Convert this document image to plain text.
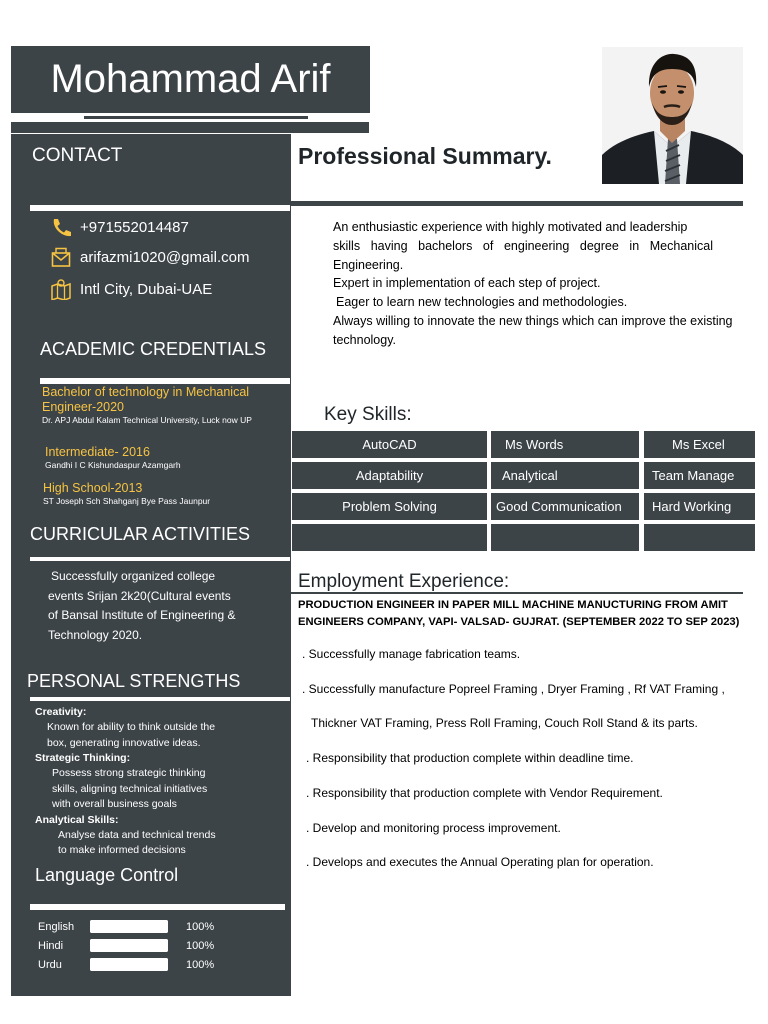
Mohammad Arif
CONTACT
+971552014487
arifazmi1020@gmail.com
Intl City, Dubai-UAE
ACADEMIC CREDENTIALS
Bachelor of technology in Mechanical
Engineer-2020
Dr. APJ Abdul Kalam Technical University, Luck now UP
Intermediate- 2016
Gandhi I C Kishundaspur Azamgarh
High School-2013
ST Joseph Sch Shahganj Bye Pass Jaunpur
CURRICULAR ACTIVITIES
Successfully organized college
events Srijan 2k20(Cultural events
of Bansal Institute of Engineering &
Technology 2020.
PERSONAL STRENGTHS
Creativity:
Known for ability to think outside the
box, generating innovative ideas.
Strategic Thinking:
Possess strong strategic thinking
skills, aligning technical initiatives
with overall business goals
Analytical Skills:
Analyse data and technical trends
to make informed decisions
Language Control
English	100%
Hindi	100%
Urdu	100%
Professional Summary.

An enthusiastic experience with highly motivated and leadership

skills having bachelors of engineering degree in Mechanical

Engineering.

Expert in implementation of each step of project.

Eager to learn new technologies and methodologies.

Always willing to innovate the new things which can improve the existing

technology.

Key Skills:
AutoCAD	Ms Words	Ms Excel
Adaptability	Analytical	Team Manage
Problem Solving	Good Communication	Hard Working
Employment Experience:
PRODUCTION ENGINEER IN PAPER MILL MACHINE MANUCTURING FROM AMIT
ENGINEERS COMPANY, VAPI- VALSAD- GUJRAT. (SEPTEMBER 2022 TO SEP 2023)
. Successfully manage fabrication teams.
. Successfully manufacture Popreel Framing , Dryer Framing , Rf VAT Framing ,
Thickner VAT Framing, Press Roll Framing, Couch Roll Stand & its parts.
. Responsibility that production complete within deadline time.
. Responsibility that production complete with Vendor Requirement.
. Develop and monitoring process improvement.
. Develops and executes the Annual Operating plan for operation.
